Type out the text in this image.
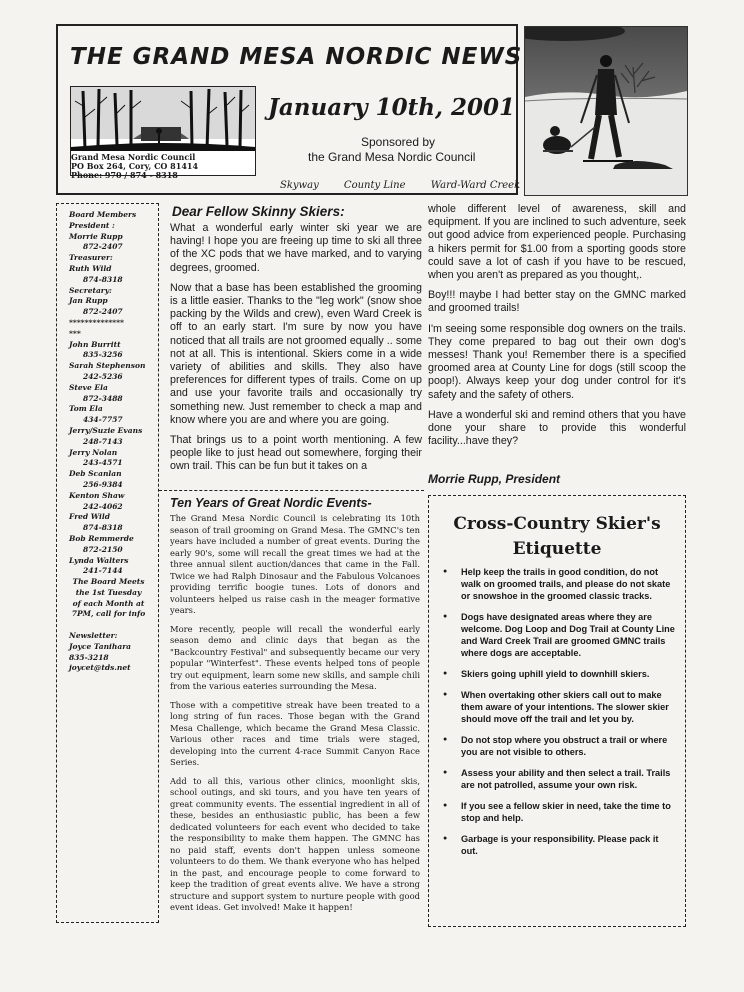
THE GRAND MESA NORDIC NEWS
Grand Mesa Nordic Council
PO Box 264, Cory, CO 81414
Phone: 970 / 874 - 8318
January 10th, 2001
Sponsored by
the Grand Mesa Nordic Council
Skyway	County Line	Ward-Ward Creek
Board Members
President :
Morrie Rupp
872-2407
Treasurer:
Ruth Wild
874-8318
Secretary:
Jan Rupp
872-2407
**************
***
John Burritt
835-3256
Sarah Stephenson
242-5236
Steve Ela
872-3488
Tom Ela
434-7757
Jerry/Suzie Evans
248-7143
Jerry Nolan
243-4571
Deb Scanlan
256-9384
Kenton Shaw
242-4062
Fred Wild
874-8318
Bob Remmerde
872-2150
Lynda Walters
241-7144
The Board Meets
the 1st Tuesday
of each Month at
7PM, call for info

Newsletter:
Joyce Tanihara
835-3218
joycet@tds.net
Dear Fellow Skinny Skiers:

What a wonderful early winter ski year we are having! I hope you are freeing up time to ski all three of the XC pods that we have marked, and to varying degrees, groomed.

Now that a base has been established the grooming is a little easier. Thanks to the "leg work" (snow shoe packing by the Wilds and crew), even Ward Creek is off to an early start. I'm sure by now you have noticed that all trails are not groomed equally .. some not at all. This is intentional. Skiers come in a wide variety of abilities and skills. They also have preferences for different types of trails. Come on up and use your favorite trails and occasionally try something new. Just remember to check a map and know where you are and where you are going.

That brings us to a point worth mentioning. A few people like to just head out somewhere, forging their own trail. This can be fun but it takes on a

whole different level of awareness, skill and equipment. If you are inclined to such adventure, seek out good advice from experienced people. Purchasing a hikers permit for $1.00 from a sporting goods store could save a lot of cash if you have to be rescued, when you aren't as prepared as you thought,.

Boy!!! maybe I had better stay on the GMNC marked and groomed trails!

I'm seeing some responsible dog owners on the trails. They come prepared to bag out their own dog's messes! Thank you! Remember there is a specified groomed area at County Line for dogs (still scoop the poop!). Always keep your dog under control for it's safety and the safety of others.

Have a wonderful ski and remind others that you have done your share to provide this wonderful facility...have they?

Morrie Rupp, President
Ten Years of Great Nordic Events-

The Grand Mesa Nordic Council is celebrating its 10th season of trail grooming on Grand Mesa. The GMNC's ten years have included a number of great events. During the early 90's, some will recall the great times we had at the three annual silent auction/dances that came in the Fall. Twice we had Ralph Dinosaur and the Fabulous Volcanoes providing terrific boogie tunes. Lots of donors and volunteers helped us raise cash in the meager formative years.

More recently, people will recall the wonderful early season demo and clinic days that began as the "Backcountry Festival" and subsequently became our very popular "Winterfest". These events helped tons of people try out equipment, learn some new skills, and sample chili from the various eateries surrounding the Mesa.

Those with a competitive streak have been treated to a long string of fun races. Those began with the Grand Mesa Challenge, which became the Grand Mesa Classic. Various other races and time trials were staged, developing into the current 4-race Summit Canyon Race Series.

Add to all this, various other clinics, moonlight skis, school outings, and ski tours, and you have ten years of great community events. The essential ingredient in all of these, besides an enthusiastic public, has been a few dedicated volunteers for each event who decided to take the responsibility to make them happen. The GMNC has no paid staff, events don't happen unless someone volunteers to do them. We thank everyone who has helped in the past, and encourage people to come forward to keep the tradition of great events alive. We have a strong structure and support system to nurture people with good event ideas. Get involved! Make it happen!

Cross-Country Skier's Etiquette
● Help keep the trails in good condition, do not walk on groomed trails, and please do not skate or snowshoe in the groomed classic tracks.
● Dogs have designated areas where they are welcome. Dog Loop and Dog Trail at County Line and Ward Creek Trail are groomed GMNC trails where dogs are acceptable.
● Skiers going uphill yield to downhill skiers.
● When overtaking other skiers call out to make them aware of your intentions. The slower skier should move off the trail and let you by.
● Do not stop where you obstruct a trail or where you are not visible to others.
● Assess your ability and then select a trail. Trails are not patrolled, assume your own risk.
● If you see a fellow skier in need, take the time to stop and help.
● Garbage is your responsibility. Please pack it out.
